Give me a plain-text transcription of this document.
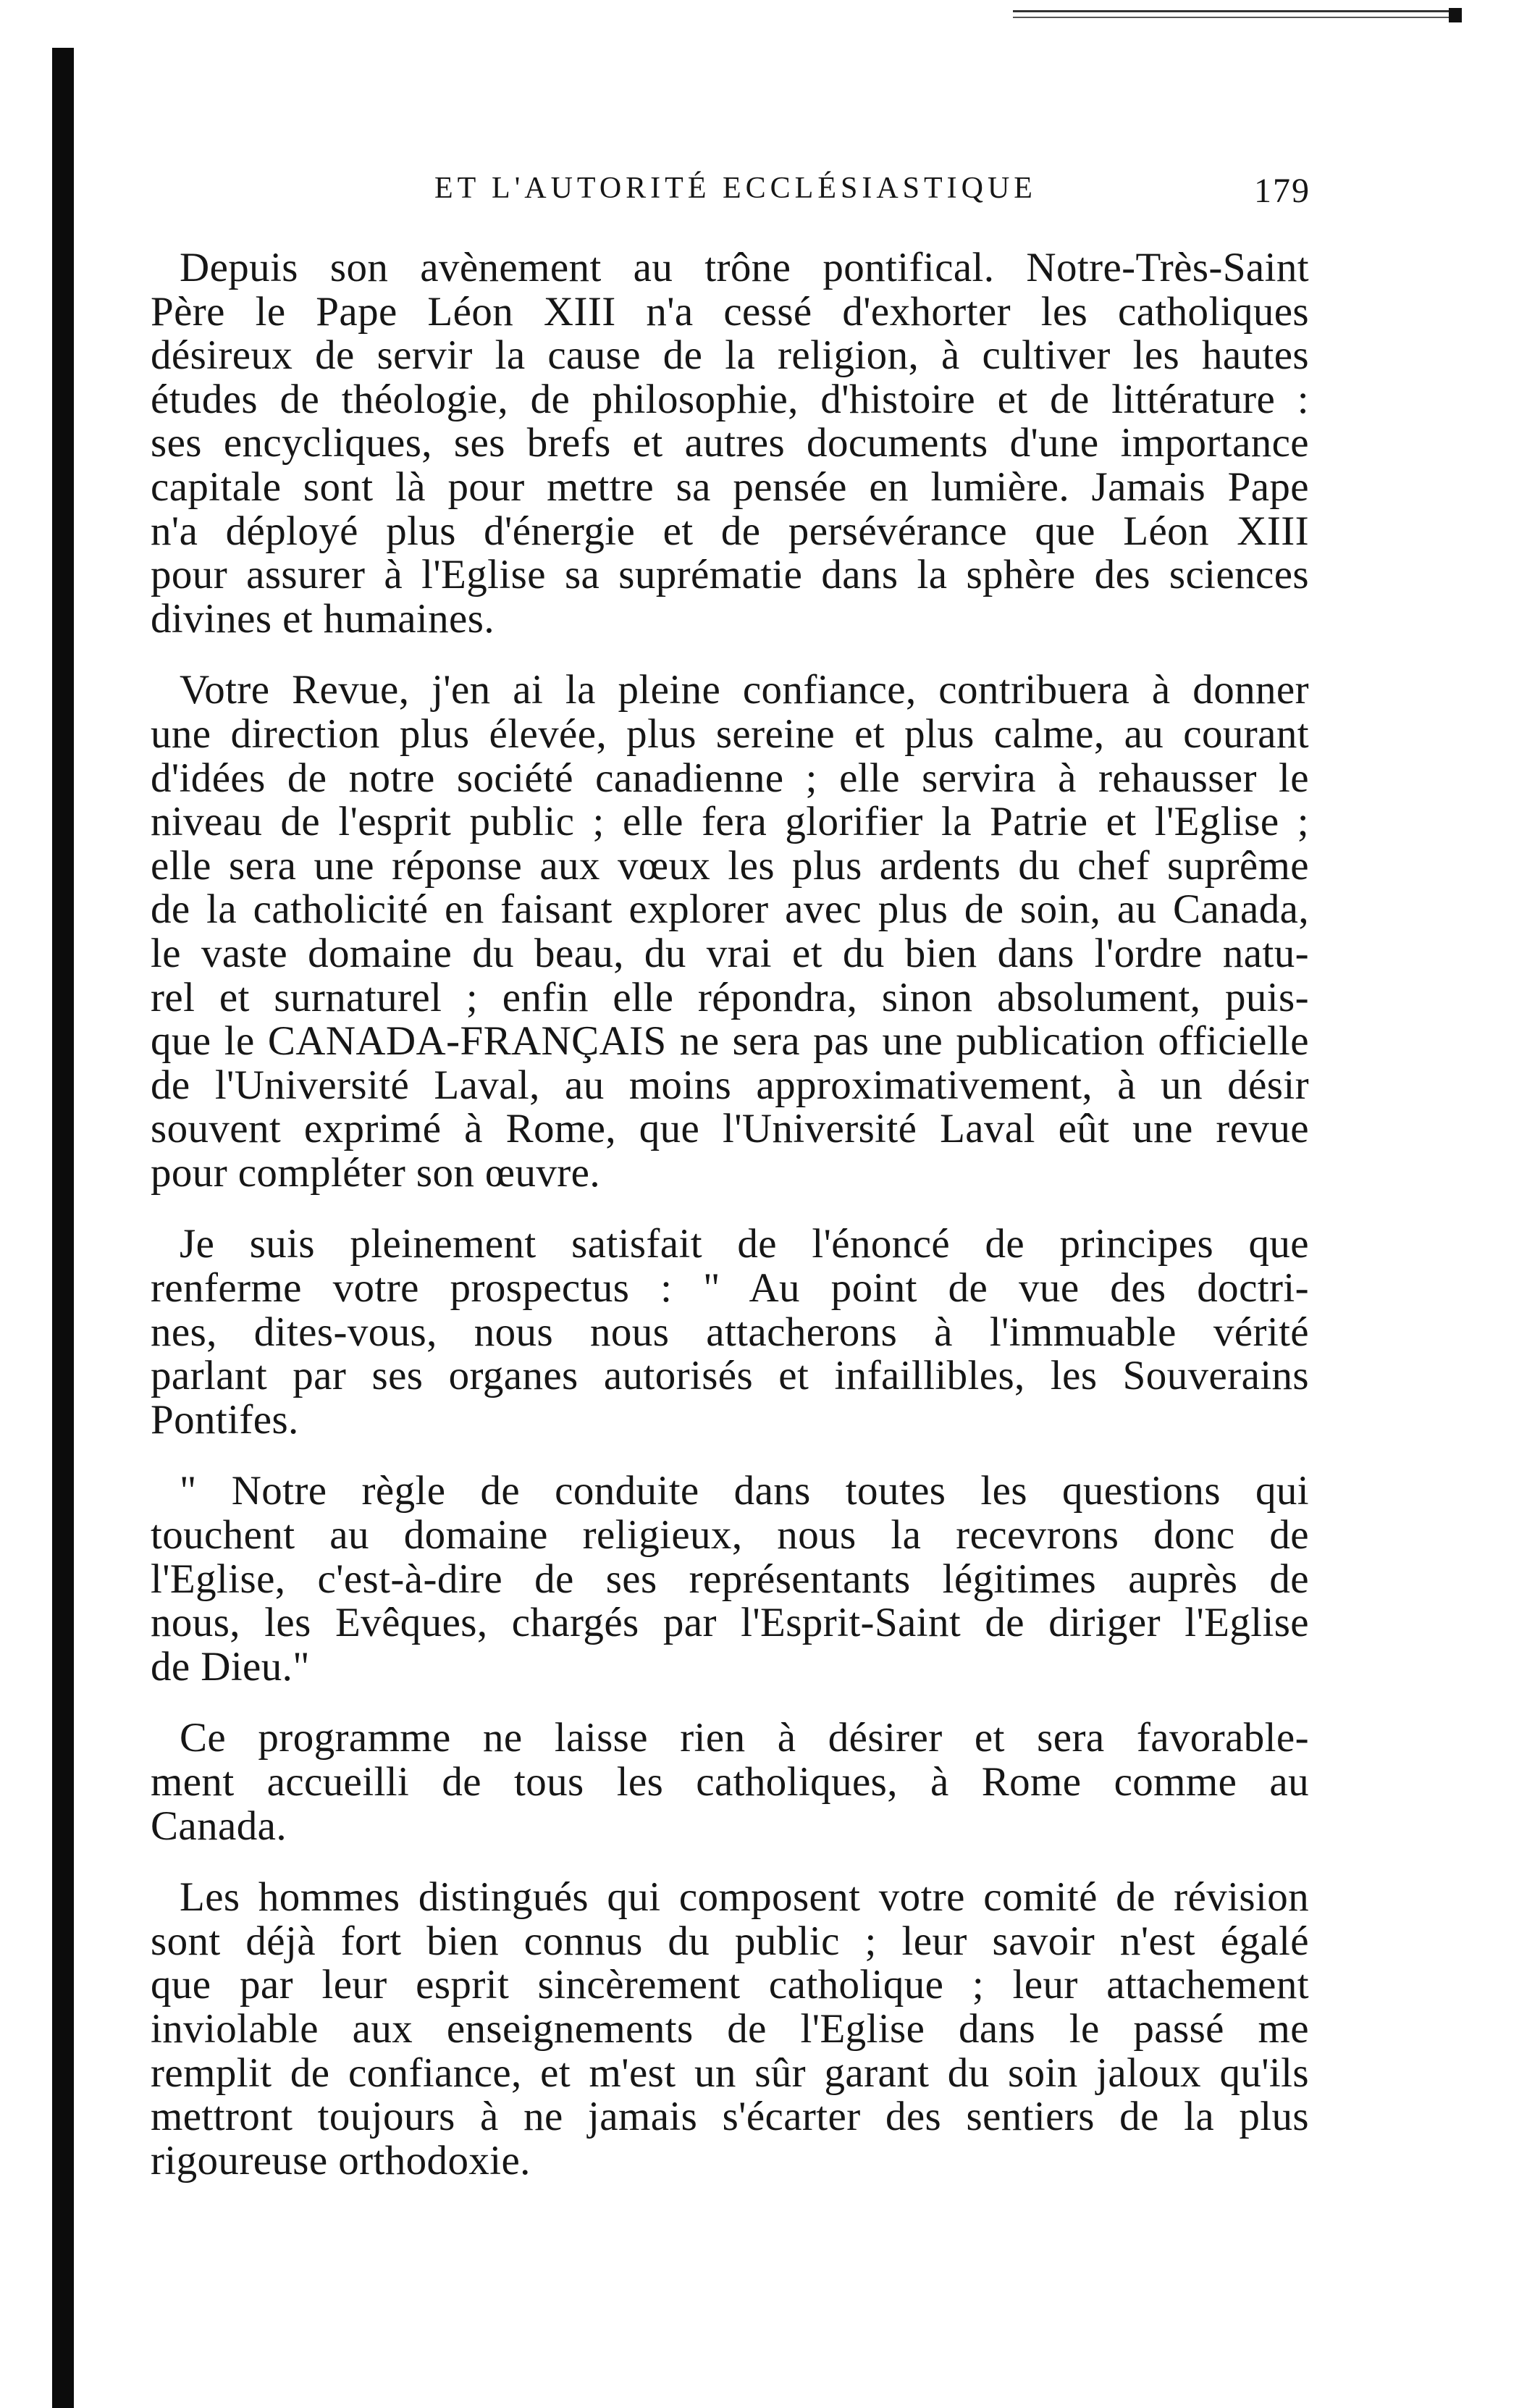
ET L'AUTORITÉ ECCLÉSIASTIQUE	179
Depuis son avènement au trône pontifical. Notre-Très-Saint
Père le Pape Léon XIII n'a cessé d'exhorter les catholiques
désireux de servir la cause de la religion, à cultiver les hautes
études de théologie, de philosophie, d'histoire et de littérature :
ses encycliques, ses brefs et autres documents d'une importance
capitale sont là pour mettre sa pensée en lumière. Jamais Pape
n'a déployé plus d'énergie et de persévérance que Léon XIII
pour assurer à l'Eglise sa suprématie dans la sphère des sciences
divines et humaines.
Votre Revue, j'en ai la pleine confiance, contribuera à donner
une direction plus élevée, plus sereine et plus calme, au courant
d'idées de notre société canadienne ; elle servira à rehausser le
niveau de l'esprit public ; elle fera glorifier la Patrie et l'Eglise ;
elle sera une réponse aux vœux les plus ardents du chef suprême
de la catholicité en faisant explorer avec plus de soin, au Canada,
le vaste domaine du beau, du vrai et du bien dans l'ordre natu-
rel et surnaturel ; enfin elle répondra, sinon absolument, puis-
que le CANADA-FRANÇAIS ne sera pas une publication officielle
de l'Université Laval, au moins approximativement, à un désir
souvent exprimé à Rome, que l'Université Laval eût une revue
pour compléter son œuvre.
Je suis pleinement satisfait de l'énoncé de principes que
renferme votre prospectus : " Au point de vue des doctri-
nes, dites-vous, nous nous attacherons à l'immuable vérité
parlant par ses organes autorisés et infaillibles, les Souverains
Pontifes.
" Notre règle de conduite dans toutes les questions qui
touchent au domaine religieux, nous la recevrons donc de
l'Eglise, c'est-à-dire de ses représentants légitimes auprès de
nous, les Evêques, chargés par l'Esprit-Saint de diriger l'Eglise
de Dieu."
Ce programme ne laisse rien à désirer et sera favorable-
ment accueilli de tous les catholiques, à Rome comme au
Canada.
Les hommes distingués qui composent votre comité de révision
sont déjà fort bien connus du public ; leur savoir n'est égalé
que par leur esprit sincèrement catholique ; leur attachement
inviolable aux enseignements de l'Eglise dans le passé me
remplit de confiance, et m'est un sûr garant du soin jaloux qu'ils
mettront toujours à ne jamais s'écarter des sentiers de la plus
rigoureuse orthodoxie.
